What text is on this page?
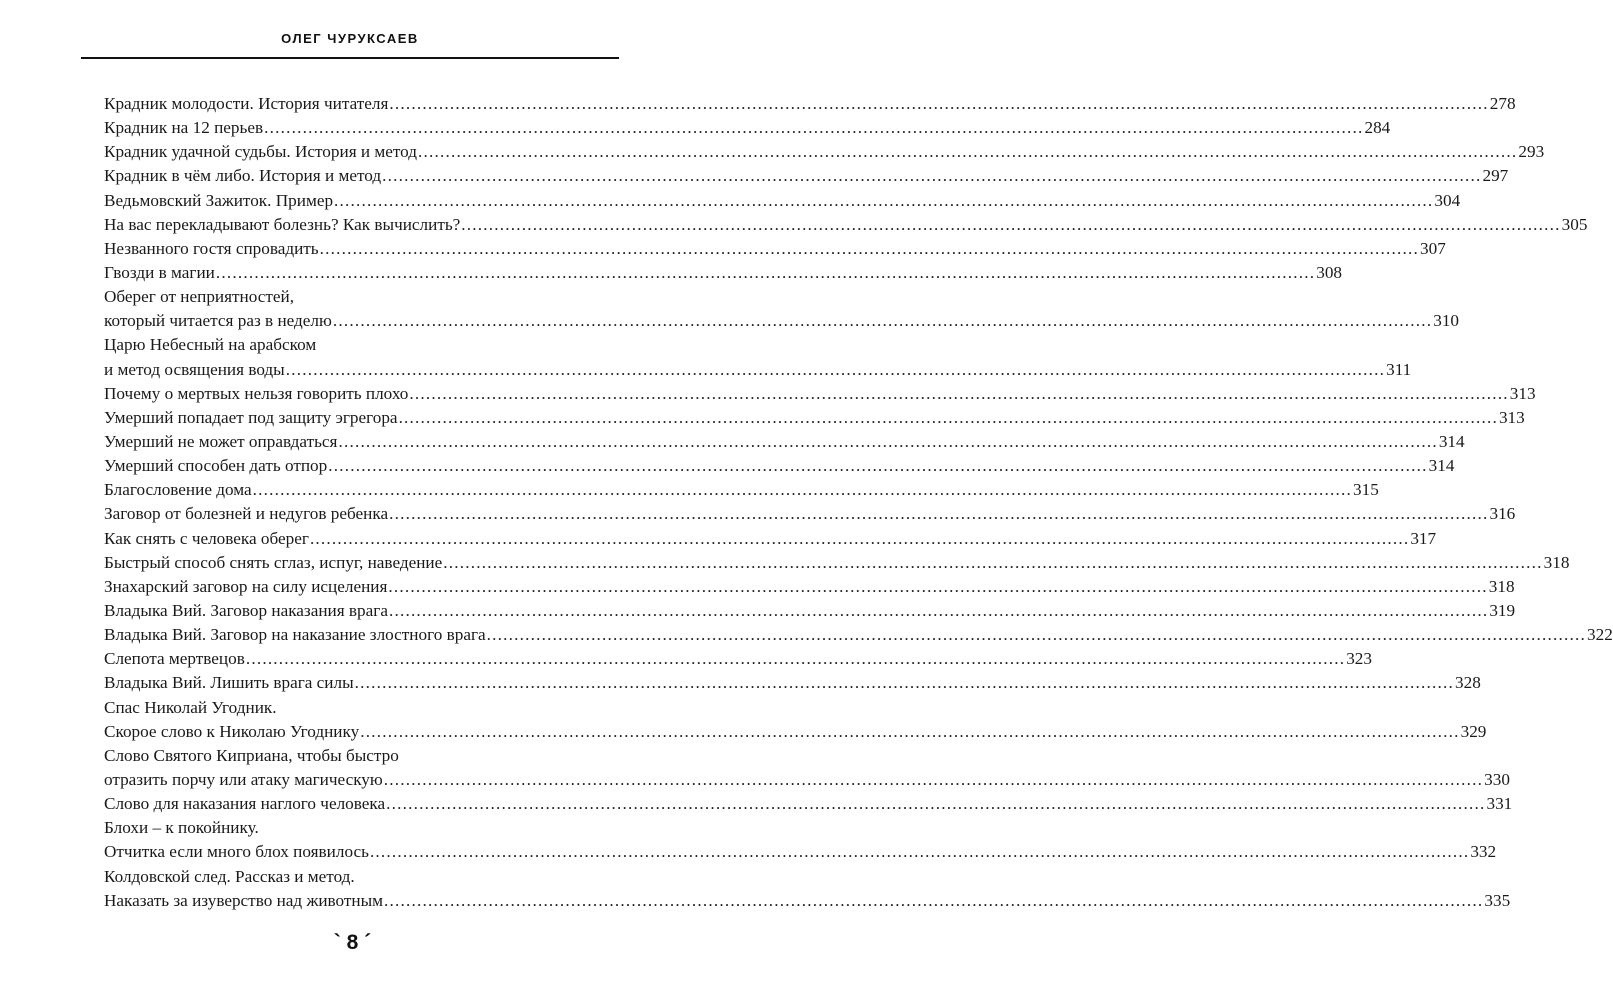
ОЛЕГ ЧУРУКСАЕВ
Крадник молодости. История читателя ........................................................................................................................................................................................................ 278
Крадник на 12 перьев ........................................................................................................................................................................................................ 284
Крадник удачной судьбы. История и метод ........................................................................................................................................................................................................ 293
Крадник в чём либо. История и метод ........................................................................................................................................................................................................ 297
Ведьмовский Зажиток. Пример ........................................................................................................................................................................................................ 304
На вас перекладывают болезнь? Как вычислить? ........................................................................................................................................................................................................ 305
Незванного гостя спровадить ........................................................................................................................................................................................................ 307
Гвозди в магии ........................................................................................................................................................................................................ 308
Оберег от неприятностей,
который читается раз в неделю ........................................................................................................................................................................................................ 310
Царю Небесный на арабском
и метод освящения воды ........................................................................................................................................................................................................ 311
Почему о мертвых нельзя говорить плохо ........................................................................................................................................................................................................ 313
Умерший попадает под защиту эгрегора ........................................................................................................................................................................................................ 313
Умерший не может оправдаться ........................................................................................................................................................................................................ 314
Умерший способен дать отпор ........................................................................................................................................................................................................ 314
Благословение дома ........................................................................................................................................................................................................ 315
Заговор от болезней и недугов ребенка ........................................................................................................................................................................................................ 316
Как снять с человека оберег ........................................................................................................................................................................................................ 317
Быстрый способ снять сглаз, испуг, наведение ........................................................................................................................................................................................................ 318
Знахарский заговор на силу исцеления ........................................................................................................................................................................................................ 318
Владыка Вий. Заговор наказания врага ........................................................................................................................................................................................................ 319
Владыка Вий. Заговор на наказание злостного врага ........................................................................................................................................................................................................ 322
Слепота мертвецов ........................................................................................................................................................................................................ 323
Владыка Вий. Лишить врага силы ........................................................................................................................................................................................................ 328
Спас Николай Угодник.
Скорое слово к Николаю Угоднику ........................................................................................................................................................................................................ 329
Слово Святого Киприана, чтобы быстро
отразить порчу или атаку магическую ........................................................................................................................................................................................................ 330
Слово для наказания наглого человека ........................................................................................................................................................................................................ 331
Блохи – к покойнику.
Отчитка если много блох появилось ........................................................................................................................................................................................................ 332
Колдовской след. Рассказ и метод.
Наказать за изуверство над животным ........................................................................................................................................................................................................ 335
` 8 ´
